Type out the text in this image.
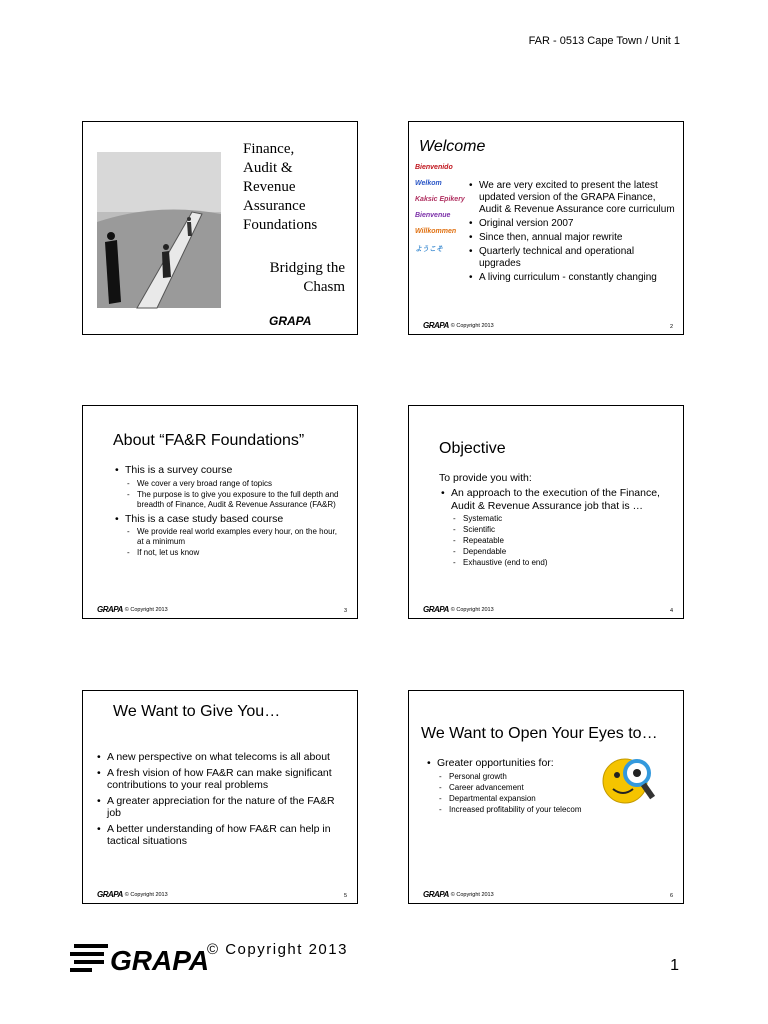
FAR - 0513 Cape Town / Unit 1
Finance,
Audit &
Revenue
Assurance
Foundations
Bridging the
Chasm
GRAPA
Welcome
Bienvenido
Welkom
Kaksic Epikery
Bienvenue
Willkommen
ようこそ
• We are very excited to present the latest updated version of the GRAPA Finance, Audit & Revenue Assurance core curriculum
• Original version 2007
• Since then, annual major rewrite
• Quarterly technical and operational upgrades
• A living curriculum - constantly changing
GRAPA © Copyright 2013	2
About “FA&R Foundations”
• This is a survey course
- We cover a very broad range of topics
- The purpose is to give you exposure to the full depth and breadth of Finance, Audit & Revenue Assurance (FA&R)
• This is a case study based course
- We provide real world examples every hour, on the hour, at a minimum
- If not, let us know
GRAPA © Copyright 2013	3
Objective
To provide you with:
• An approach to the execution of the Finance, Audit & Revenue Assurance job that is …
- Systematic
- Scientific
- Repeatable
- Dependable
- Exhaustive (end to end)
GRAPA © Copyright 2013	4
We Want to Give You…
• A new perspective on what telecoms is all about
• A fresh vision of how FA&R can make significant contributions to your real problems
• A greater appreciation for the nature of the FA&R job
• A better understanding of how FA&R can help in tactical situations
GRAPA © Copyright 2013	5
We Want to Open Your Eyes to…
• Greater opportunities for:
- Personal growth
- Career advancement
- Departmental expansion
- Increased profitability of your telecom
GRAPA © Copyright 2013	6
GRAPA
© Copyright 2013
1
